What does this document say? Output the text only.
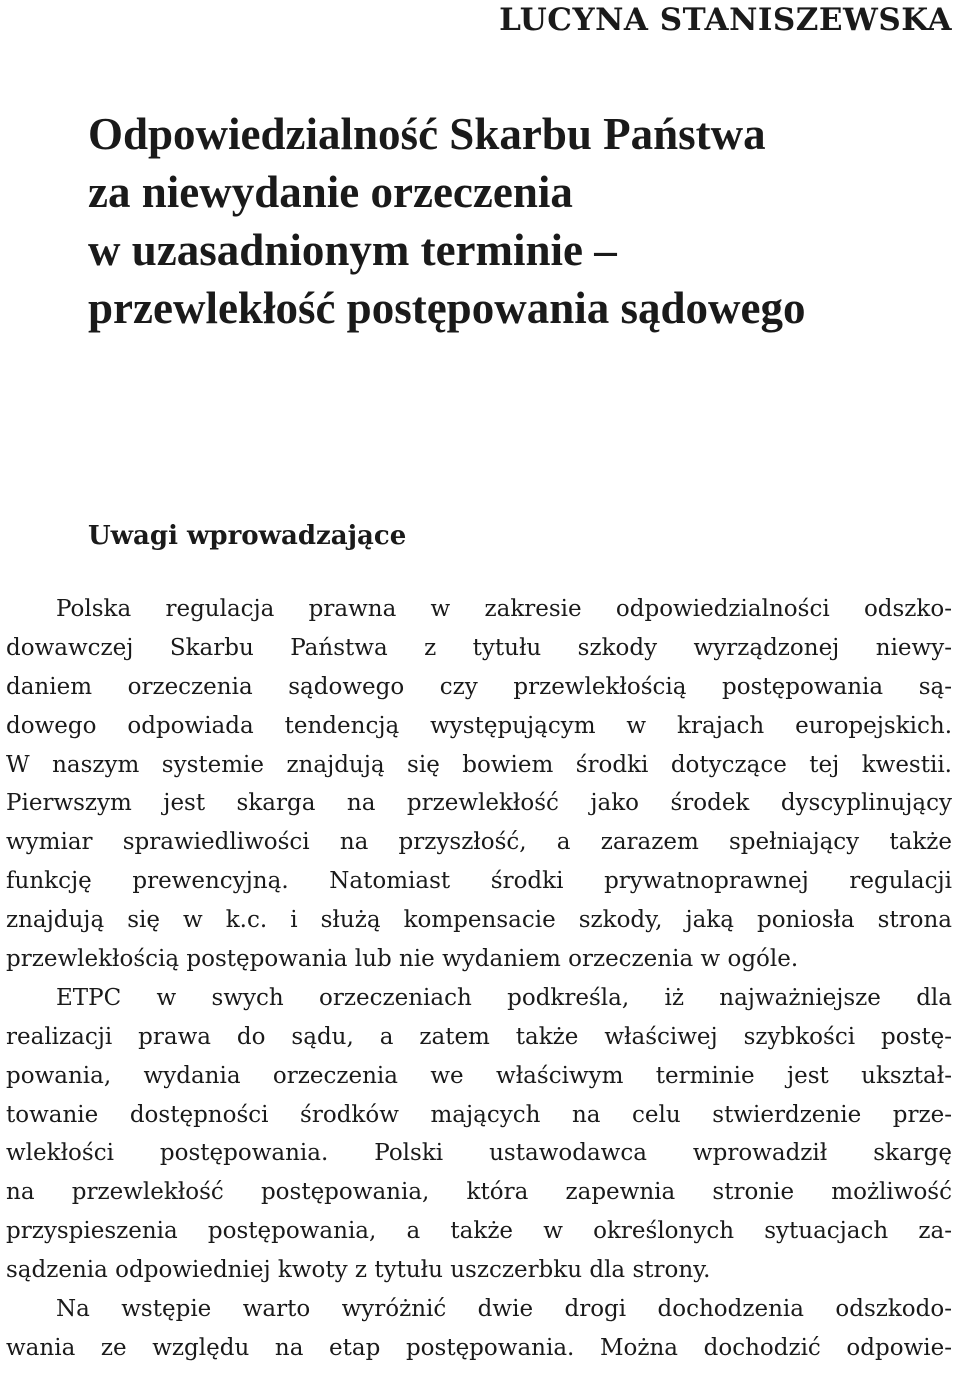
LUCYNA STANISZEWSKA
Odpowiedzialność Skarbu Państwa
za niewydanie orzeczenia
w uzasadnionym terminie –
przewlekłość postępowania sądowego
Uwagi wprowadzające
Polska regulacja prawna w zakresie odpowiedzialności odszko-
dowawczej Skarbu Państwa z tytułu szkody wyrządzonej niewy-
daniem orzeczenia sądowego czy przewlekłością postępowania są-
dowego odpowiada tendencją występującym w krajach europejskich.
W naszym systemie znajdują się bowiem środki dotyczące tej kwestii.
Pierwszym jest skarga na przewlekłość jako środek dyscyplinujący
wymiar sprawiedliwości na przyszłość, a zarazem spełniający także
funkcję prewencyjną. Natomiast środki prywatnoprawnej regulacji
znajdują się w k.c. i służą kompensacie szkody, jaką poniosła strona
przewlekłością postępowania lub nie wydaniem orzeczenia w ogóle.
ETPC w swych orzeczeniach podkreśla, iż najważniejsze dla
realizacji prawa do sądu, a zatem także właściwej szybkości postę-
powania, wydania orzeczenia we właściwym terminie jest ukształ-
towanie dostępności środków mających na celu stwierdzenie prze-
wlekłości postępowania. Polski ustawodawca wprowadził skargę
na przewlekłość postępowania, która zapewnia stronie możliwość
przyspieszenia postępowania, a także w określonych sytuacjach za-
sądzenia odpowiedniej kwoty z tytułu uszczerbku dla strony.
Na wstępie warto wyróżnić dwie drogi dochodzenia odszkodo-
wania ze względu na etap postępowania. Można dochodzić odpowie-
